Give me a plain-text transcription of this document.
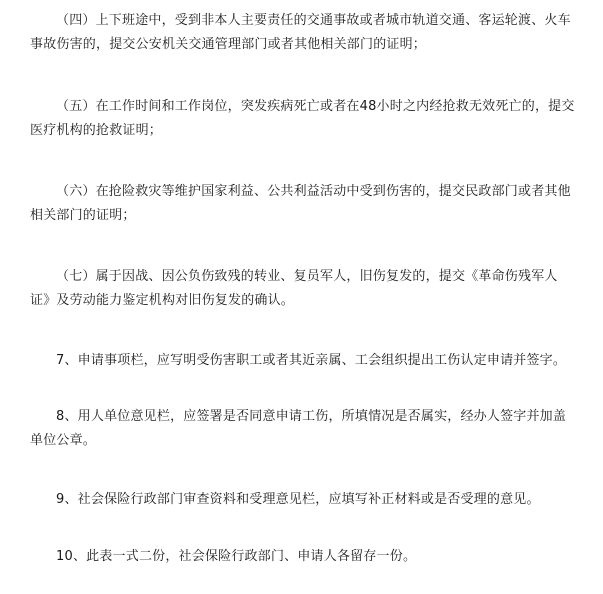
（四）上下班途中，受到非本人主要责任的交通事故或者城市轨道交通、客运轮渡、火车事故伤害的，提交公安机关交通管理部门或者其他相关部门的证明；

（五）在工作时间和工作岗位，突发疾病死亡或者在48小时之内经抢救无效死亡的，提交医疗机构的抢救证明；

（六）在抢险救灾等维护国家利益、公共利益活动中受到伤害的，提交民政部门或者其他相关部门的证明；

（七）属于因战、因公负伤致残的转业、复员军人，旧伤复发的，提交《革命伤残军人证》及劳动能力鉴定机构对旧伤复发的确认。

7、申请事项栏，应写明受伤害职工或者其近亲属、工会组织提出工伤认定申请并签字。

8、用人单位意见栏，应签署是否同意申请工伤，所填情况是否属实，经办人签字并加盖单位公章。

9、社会保险行政部门审查资料和受理意见栏，应填写补正材料或是否受理的意见。

10、此表一式二份，社会保险行政部门、申请人各留存一份。
